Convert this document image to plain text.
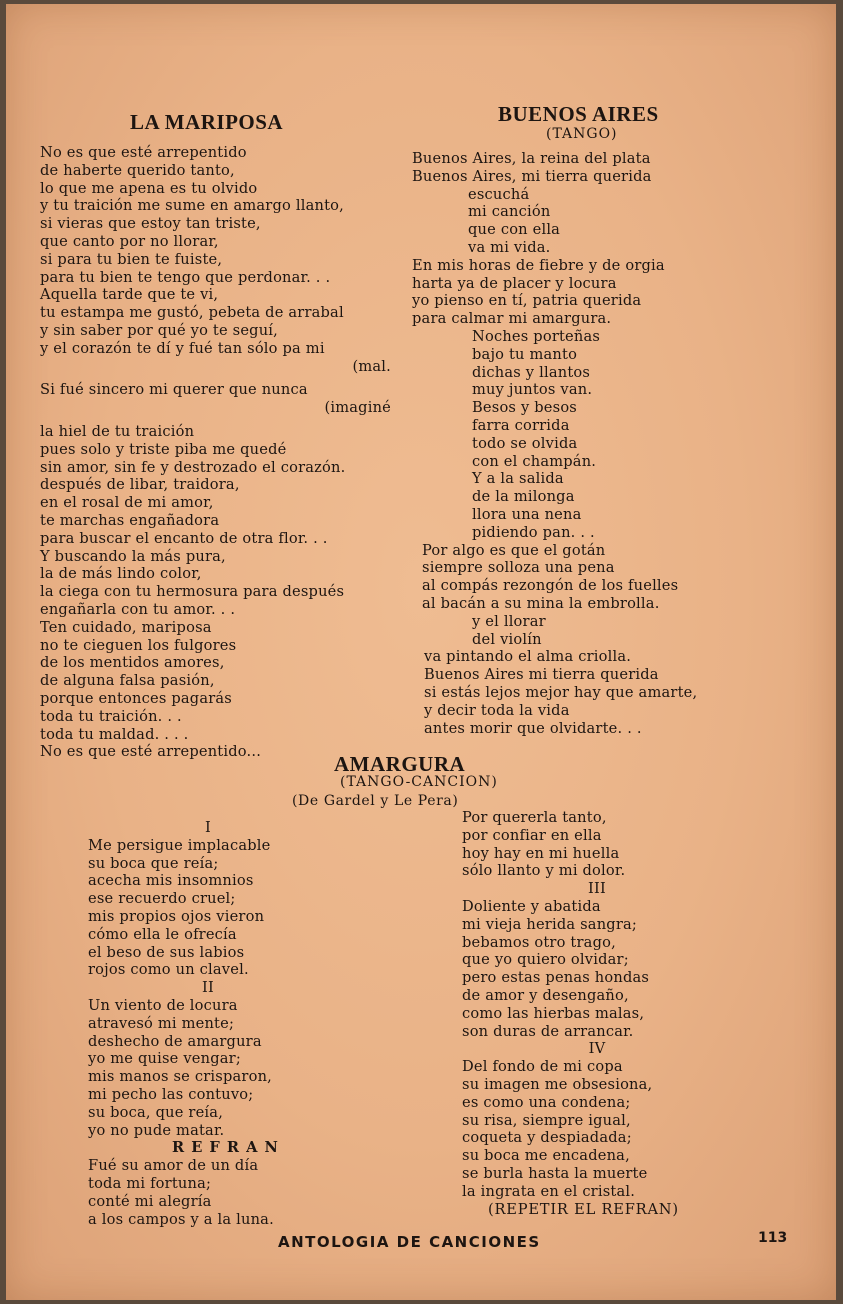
LA MARIPOSA
No es que esté arrepentido
de haberte querido tanto,
lo que me apena es tu olvido
y tu traición me sume en amargo llanto,
si vieras que estoy tan triste,
que canto por no llorar,
si para tu bien te fuiste,
para tu bien te tengo que perdonar. . .
Aquella tarde que te vi,
tu estampa me gustó, pebeta de arrabal
y sin saber por qué yo te seguí,
y el corazón te dí y fué tan sólo pa mi
(mal.
Si fué sincero mi querer que nunca
(imaginé
la hiel de tu traición
pues solo y triste piba me quedé
sin amor, sin fe y destrozado el corazón.
después de libar, traidora,
en el rosal de mi amor,
te marchas engañadora
para buscar el encanto de otra flor. . .
Y buscando la más pura,
la de más lindo color,
la ciega con tu hermosura para después
engañarla con tu amor. . .
Ten cuidado, mariposa
no te cieguen los fulgores
de los mentidos amores,
de alguna falsa pasión,
porque entonces pagarás
toda tu traición. . .
toda tu maldad. . . .
No es que esté arrepentido...
BUENOS AIRES
(TANGO)
Buenos Aires, la reina del plata
Buenos Aires, mi tierra querida
escuchá
mi canción
que con ella
va mi vida.
En mis horas de fiebre y de orgia
harta ya de placer y locura
yo pienso en tí, patria querida
para calmar mi amargura.
Noches porteñas
bajo tu manto
dichas y llantos
muy juntos van.
Besos y besos
farra corrida
todo se olvida
con el champán.
Y a la salida
de la milonga
llora una nena
pidiendo pan. . .
Por algo es que el gotán
siempre solloza una pena
al compás rezongón de los fuelles
al bacán a su mina la embrolla.
y el llorar
del violín
va pintando el alma criolla.
Buenos Aires mi tierra querida
si estás lejos mejor hay que amarte,
y decir toda la vida
antes morir que olvidarte. . .
AMARGURA
(TANGO-CANCION)
(De Gardel y Le Pera)
I
Me persigue implacable
su boca que reía;
acecha mis insomnios
ese recuerdo cruel;
mis propios ojos vieron
cómo ella le ofrecía
el beso de sus labios
rojos como un clavel.
II
Un viento de locura
atravesó mi mente;
deshecho de amargura
yo me quise vengar;
mis manos se crisparon,
mi pecho las contuvo;
su boca, que reía,
yo no pude matar.
R E F R A N
Fué su amor de un día
toda mi fortuna;
conté mi alegría
a los campos y a la luna.
Por quererla tanto,
por confiar en ella
hoy hay en mi huella
sólo llanto y mi dolor.
III
Doliente y abatida
mi vieja herida sangra;
bebamos otro trago,
que yo quiero olvidar;
pero estas penas hondas
de amor y desengaño,
como las hierbas malas,
son duras de arrancar.
IV
Del fondo de mi copa
su imagen me obsesiona,
es como una condena;
su risa, siempre igual,
coqueta y despiadada;
su boca me encadena,
se burla hasta la muerte
la ingrata en el cristal.
(REPETIR EL REFRAN)
ANTOLOGIA DE CANCIONES	113
